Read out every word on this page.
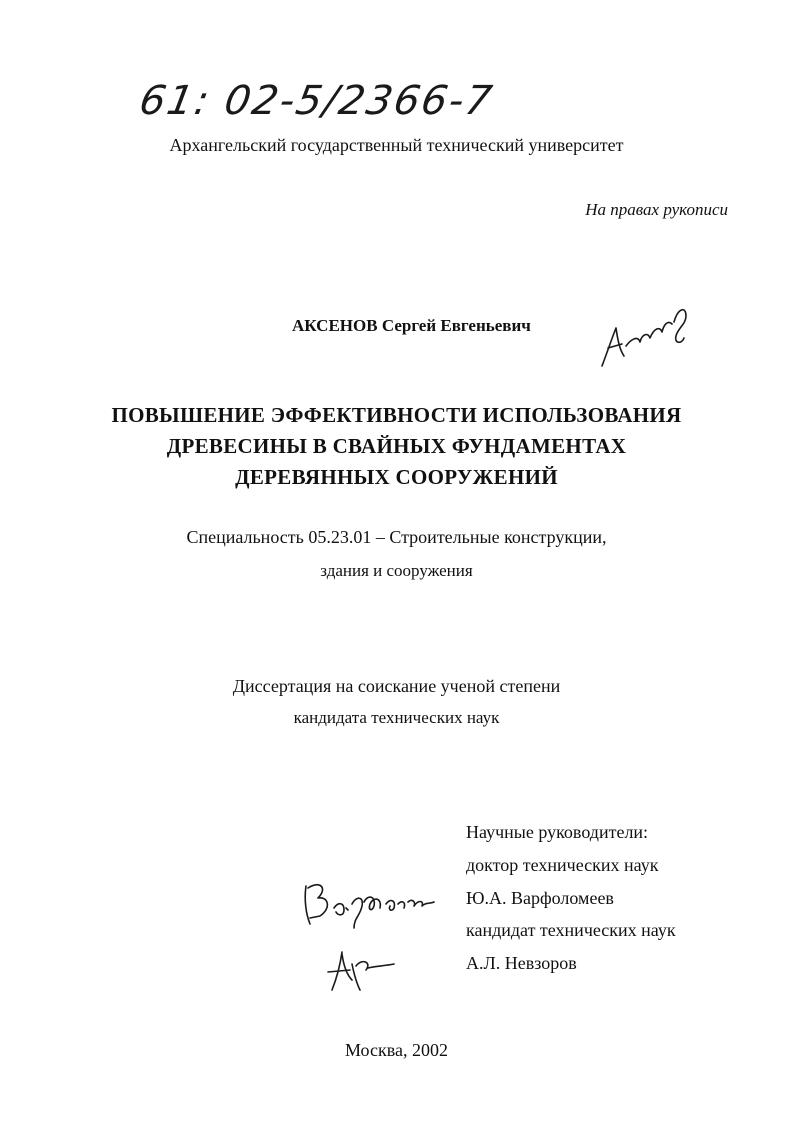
61: 02-5/2366-7
Архангельский государственный технический университет
На правах рукописи
АКСЕНОВ Сергей Евгеньевич
ПОВЫШЕНИЕ ЭФФЕКТИВНОСТИ ИСПОЛЬЗОВАНИЯ
ДРЕВЕСИНЫ В СВАЙНЫХ ФУНДАМЕНТАХ
ДЕРЕВЯННЫХ СООРУЖЕНИЙ
Специальность 05.23.01 – Строительные конструкции,
здания и сооружения
Диссертация на соискание ученой степени
кандидата технических наук
Научные руководители:
доктор технических наук
Ю.А. Варфоломеев
кандидат технических наук
А.Л. Невзоров
Москва, 2002
